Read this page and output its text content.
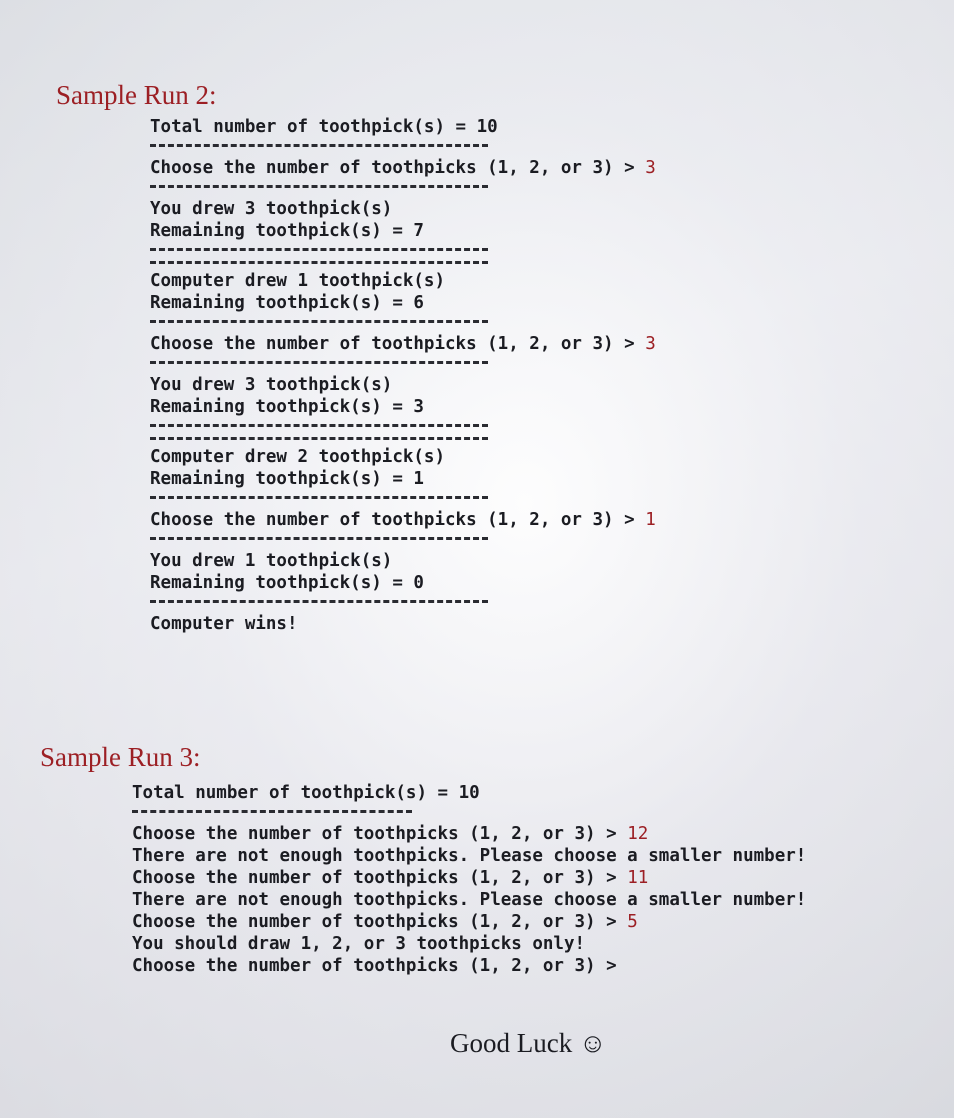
Sample Run 2:
Total number of toothpick(s) = 10
Choose the number of toothpicks (1, 2, or 3) > 3
You drew 3 toothpick(s)
Remaining toothpick(s) = 7
Computer drew 1 toothpick(s)
Remaining toothpick(s) = 6
Choose the number of toothpicks (1, 2, or 3) > 3
You drew 3 toothpick(s)
Remaining toothpick(s) = 3
Computer drew 2 toothpick(s)
Remaining toothpick(s) = 1
Choose the number of toothpicks (1, 2, or 3) > 1
You drew 1 toothpick(s)
Remaining toothpick(s) = 0
Computer wins!
Sample Run 3:
Total number of toothpick(s) = 10
Choose the number of toothpicks (1, 2, or 3) > 12
There are not enough toothpicks. Please choose a smaller number!
Choose the number of toothpicks (1, 2, or 3) > 11
There are not enough toothpicks. Please choose a smaller number!
Choose the number of toothpicks (1, 2, or 3) > 5
You should draw 1, 2, or 3 toothpicks only!
Choose the number of toothpicks (1, 2, or 3) >
Good Luck ☺
